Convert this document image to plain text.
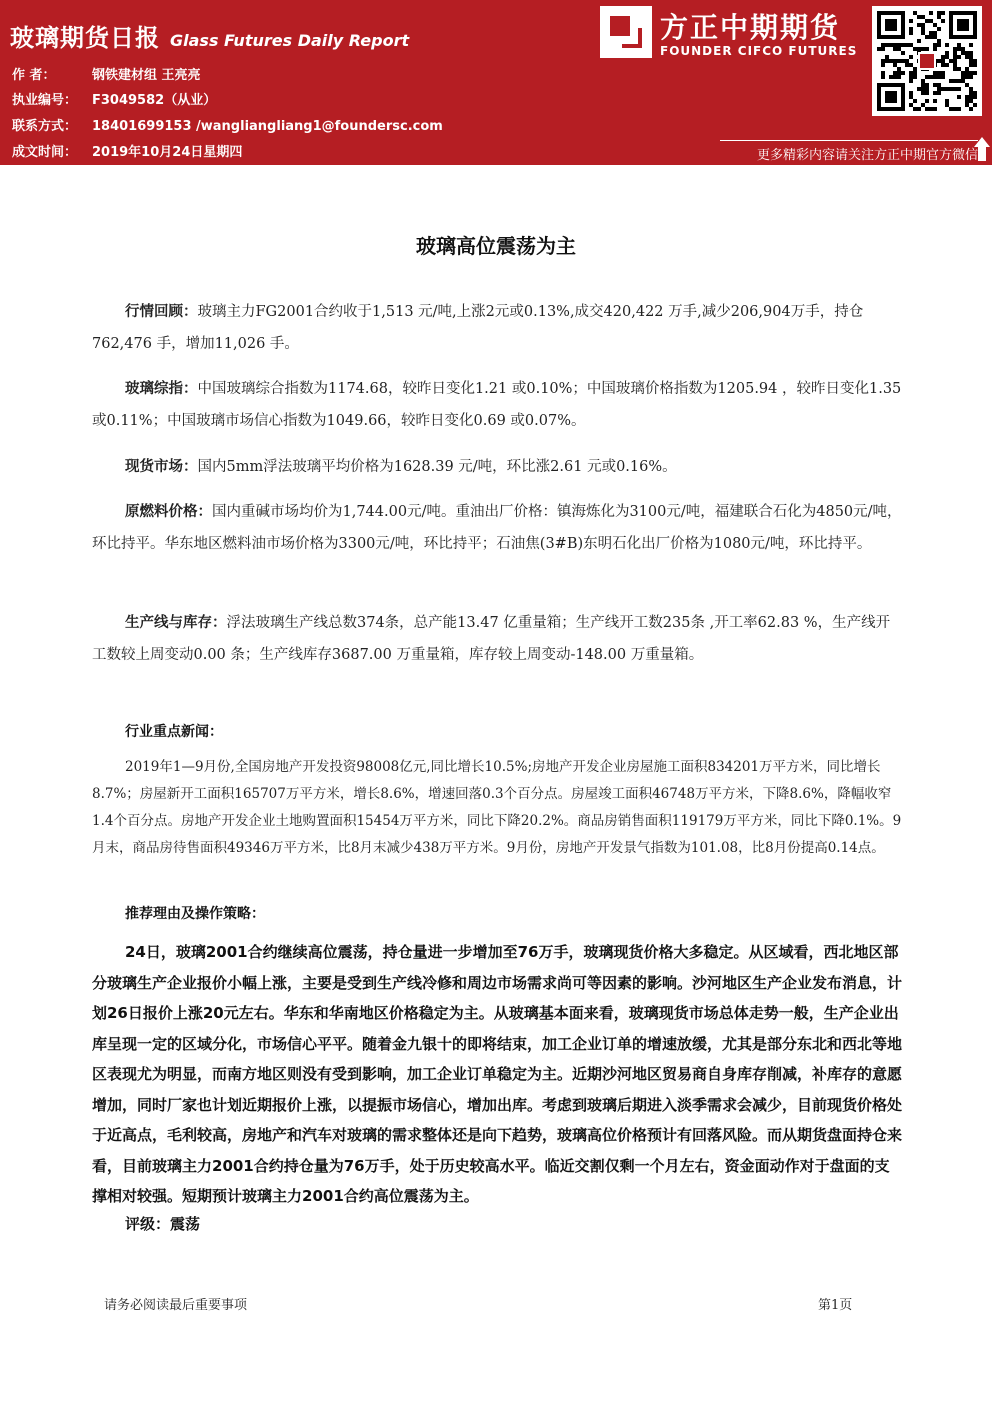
玻璃期货日报 Glass Futures Daily Report
作 者：	钢铁建材组 王亮亮
执业编号： F3049582（从业）
联系方式： 18401699153 /wangliangliang1@foundersc.com
成文时间： 2019年10月24日星期四
方正中期期货
FOUNDER CIFCO FUTURES
更多精彩内容请关注方正中期官方微信
玻璃高位震荡为主
行情回顾：玻璃主力FG2001合约收于1,513 元/吨,上涨2元或0.13%,成交420,422 万手,减少206,904万手，持仓762,476 手，增加11,026 手。
玻璃综指：中国玻璃综合指数为1174.68，较昨日变化1.21 或0.10%；中国玻璃价格指数为1205.94 ，较昨日变化1.35 或0.11%；中国玻璃市场信心指数为1049.66，较昨日变化0.69 或0.07%。
现货市场：国内5mm浮法玻璃平均价格为1628.39 元/吨，环比涨2.61 元或0.16%。
原燃料价格：国内重碱市场均价为1,744.00元/吨。重油出厂价格：镇海炼化为3100元/吨，福建联合石化为4850元/吨，环比持平。华东地区燃料油市场价格为3300元/吨，环比持平；石油焦(3#B)东明石化出厂价格为1080元/吨，环比持平。
生产线与库存：浮法玻璃生产线总数374条，总产能13.47 亿重量箱；生产线开工数235条 ,开工率62.83 %，生产线开工数较上周变动0.00 条；生产线库存3687.00 万重量箱，库存较上周变动-148.00 万重量箱。
行业重点新闻：
2019年1—9月份,全国房地产开发投资98008亿元,同比增长10.5%;房地产开发企业房屋施工面积834201万平方米，同比增长8.7%；房屋新开工面积165707万平方米，增长8.6%，增速回落0.3个百分点。房屋竣工面积46748万平方米，下降8.6%，降幅收窄1.4个百分点。房地产开发企业土地购置面积15454万平方米，同比下降20.2%。商品房销售面积119179万平方米，同比下降0.1%。9月末，商品房待售面积49346万平方米，比8月末减少438万平方米。9月份，房地产开发景气指数为101.08，比8月份提高0.14点。
推荐理由及操作策略：
24日，玻璃2001合约继续高位震荡，持仓量进一步增加至76万手，玻璃现货价格大多稳定。从区域看，西北地区部分玻璃生产企业报价小幅上涨，主要是受到生产线冷修和周边市场需求尚可等因素的影响。沙河地区生产企业发布消息，计划26日报价上涨20元左右。华东和华南地区价格稳定为主。从玻璃基本面来看，玻璃现货市场总体走势一般，生产企业出库呈现一定的区域分化，市场信心平平。随着金九银十的即将结束，加工企业订单的增速放缓，尤其是部分东北和西北等地区表现尤为明显，而南方地区则没有受到影响，加工企业订单稳定为主。近期沙河地区贸易商自身库存削减，补库存的意愿增加，同时厂家也计划近期报价上涨，以提振市场信心，增加出库。考虑到玻璃后期进入淡季需求会减少，目前现货价格处于近高点，毛利较高，房地产和汽车对玻璃的需求整体还是向下趋势，玻璃高位价格预计有回落风险。而从期货盘面持仓来看，目前玻璃主力2001合约持仓量为76万手，处于历史较高水平。临近交割仅剩一个月左右，资金面动作对于盘面的支撑相对较强。短期预计玻璃主力2001合约高位震荡为主。
评级：震荡
请务必阅读最后重要事项	第1页
